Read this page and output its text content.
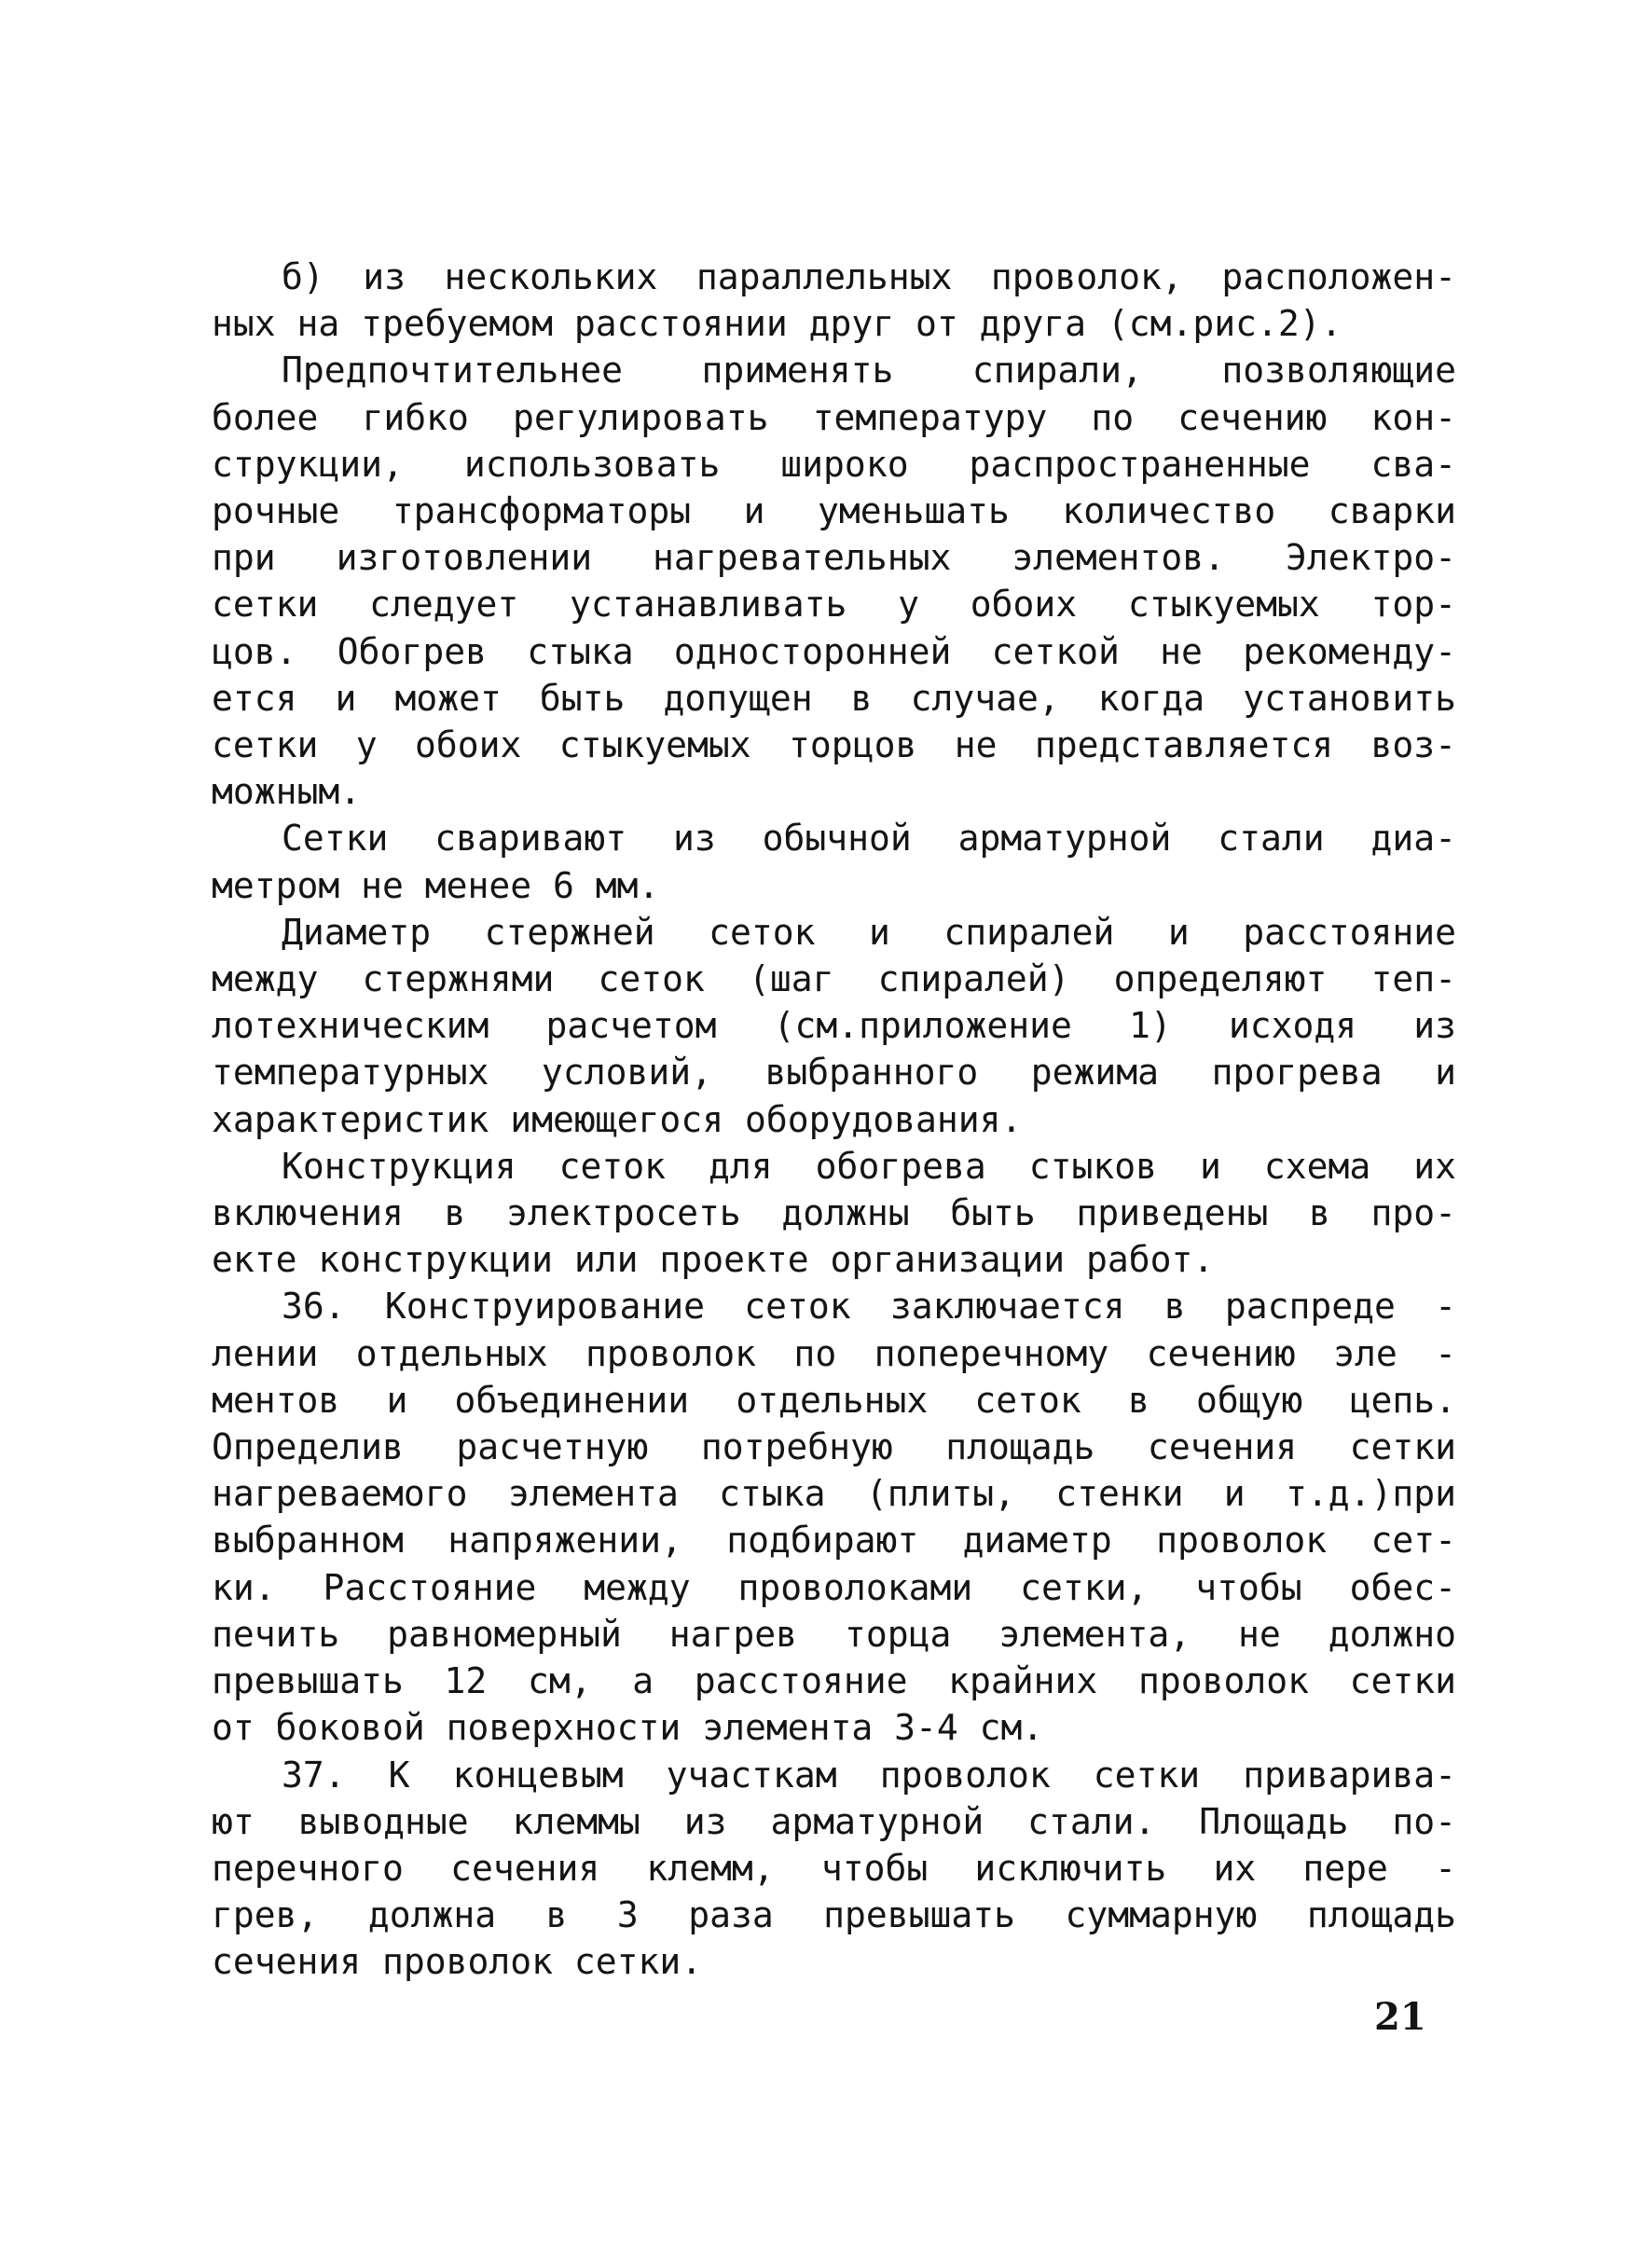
б) из нескольких параллельных проволок, расположен-
ных на требуемом расстоянии друг от друга (см.рис.2).
Предпочтительнее применять спирали, позволяющие
более гибко регулировать температуру по сечению кон-
струкции, использовать широко распространенные сва-
рочные трансформаторы и уменьшать количество сварки
при изготовлении нагревательных элементов. Электро-
сетки следует устанавливать у обоих стыкуемых тор-
цов. Обогрев стыка односторонней сеткой не рекоменду-
ется и может быть допущен в случае, когда установить
сетки у обоих стыкуемых торцов не представляется воз-
можным.
Сетки сваривают из обычной арматурной стали диа-
метром не менее 6 мм.
Диаметр стержней сеток и спиралей и расстояние
между стержнями сеток (шаг спиралей) определяют теп-
лотехническим расчетом (см.приложение 1) исходя из
температурных условий, выбранного режима прогрева и
характеристик имеющегося оборудования.
Конструкция сеток для обогрева стыков и схема их
включения в электросеть должны быть приведены в про-
екте конструкции или проекте организации работ.
36. Конструирование сеток заключается в распреде -
лении отдельных проволок по поперечному сечению эле -
ментов и объединении отдельных сеток в общую цепь.
Определив расчетную потребную площадь сечения сетки
нагреваемого элемента стыка (плиты, стенки и т.д.)при
выбранном напряжении, подбирают диаметр проволок сет-
ки. Расстояние между проволоками сетки, чтобы обес-
печить равномерный нагрев торца элемента, не должно
превышать 12 см, а расстояние крайних проволок сетки
от боковой поверхности элемента 3-4 см.
37. К концевым участкам проволок сетки приварива-
ют выводные клеммы из арматурной стали. Площадь по-
перечного сечения клемм, чтобы исключить их пере -
грев, должна в 3 раза превышать суммарную площадь
сечения проволок сетки.
21
